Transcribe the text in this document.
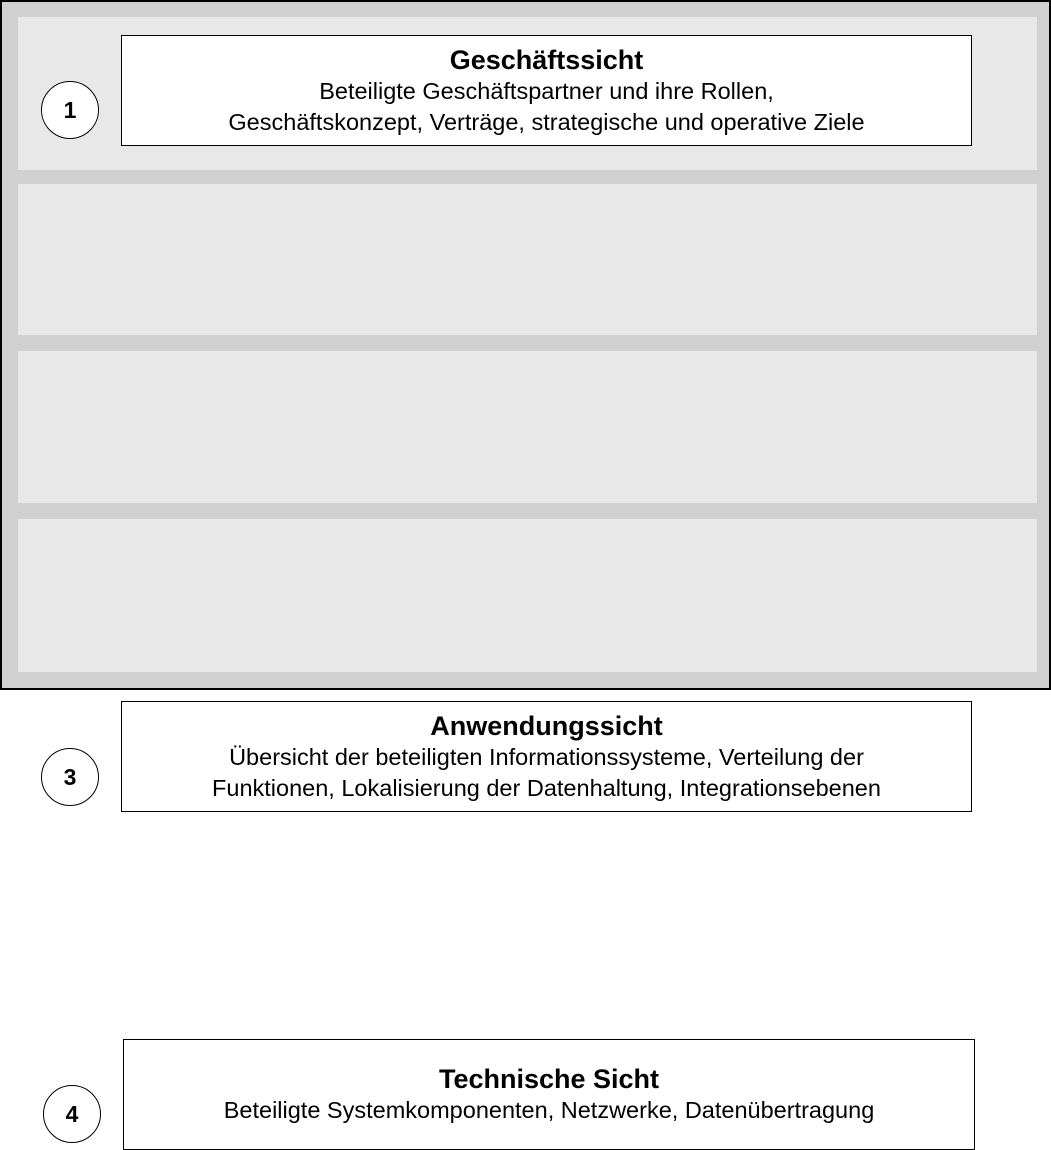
1
Geschäftssicht
Beteiligte Geschäftspartner und ihre Rollen,
Geschäftskonzept, Verträge, strategische und operative Ziele
3
Anwendungssicht
Übersicht der beteiligten Informationssysteme, Verteilung der
Funktionen, Lokalisierung der Datenhaltung, Integrationsebenen
4
Technische Sicht
Beteiligte Systemkomponenten, Netzwerke, Datenübertragung
